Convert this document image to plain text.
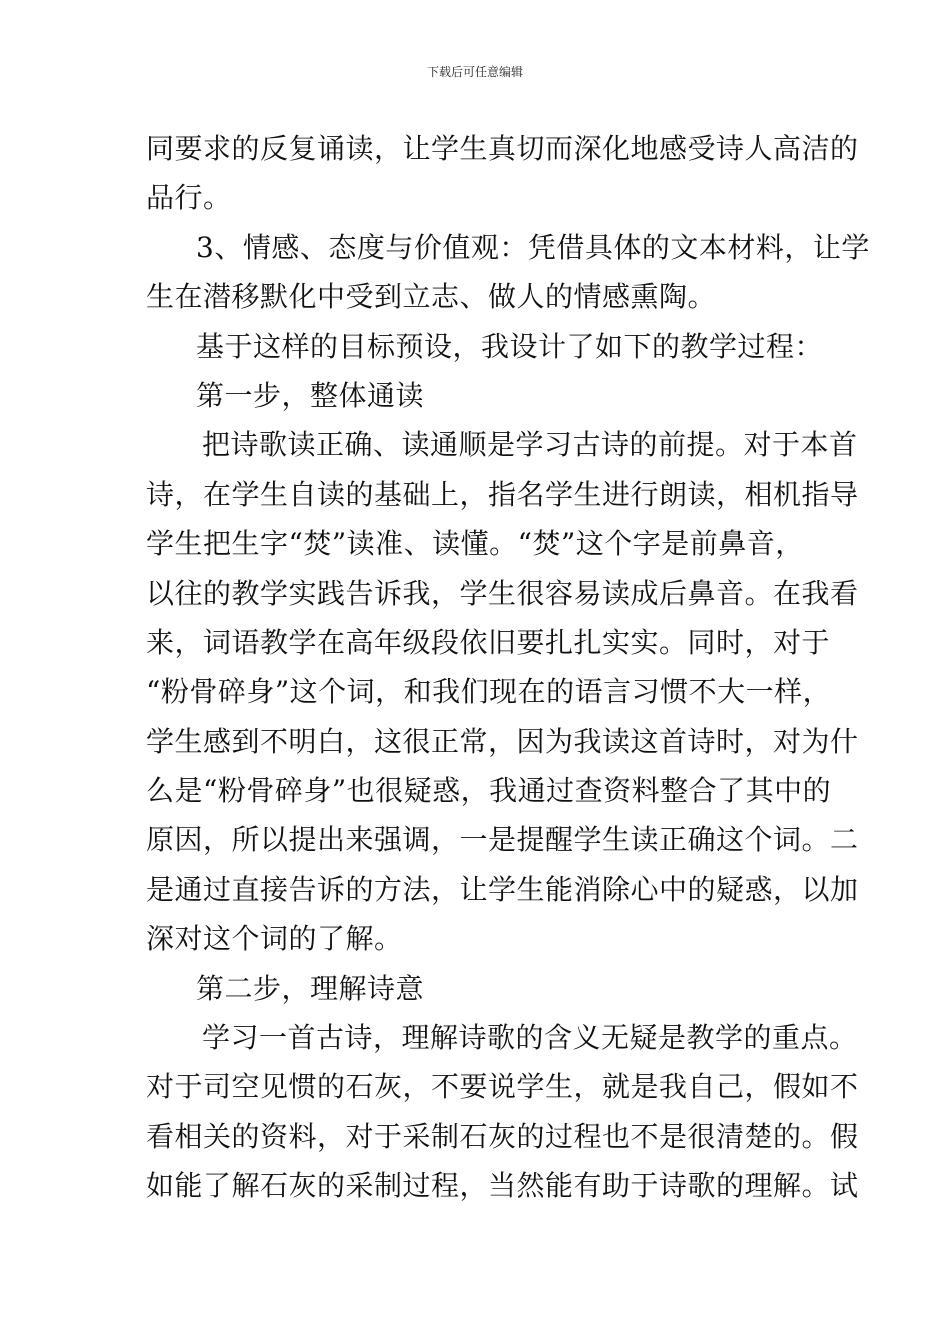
下载后可任意编辑
同要求的反复诵读，让学生真切而深化地感受诗人高洁的
品行。
3、情感、态度与价值观：凭借具体的文本材料，让学
生在潜移默化中受到立志、做人的情感熏陶。
基于这样的目标预设，我设计了如下的教学过程：
第一步，整体通读
把诗歌读正确、读通顺是学习古诗的前提。对于本首
诗，在学生自读的基础上，指名学生进行朗读，相机指导
学生把生字“焚”读准、读懂。“焚”这个字是前鼻音，
以往的教学实践告诉我，学生很容易读成后鼻音。在我看
来，词语教学在高年级段依旧要扎扎实实。同时，对于
“粉骨碎身”这个词，和我们现在的语言习惯不大一样，
学生感到不明白，这很正常，因为我读这首诗时，对为什
么是“粉骨碎身”也很疑惑，我通过查资料整合了其中的
原因，所以提出来强调，一是提醒学生读正确这个词。二
是通过直接告诉的方法，让学生能消除心中的疑惑，以加
深对这个词的了解。
第二步，理解诗意
学习一首古诗，理解诗歌的含义无疑是教学的重点。
对于司空见惯的石灰，不要说学生，就是我自己，假如不
看相关的资料，对于采制石灰的过程也不是很清楚的。假
如能了解石灰的采制过程，当然能有助于诗歌的理解。试
